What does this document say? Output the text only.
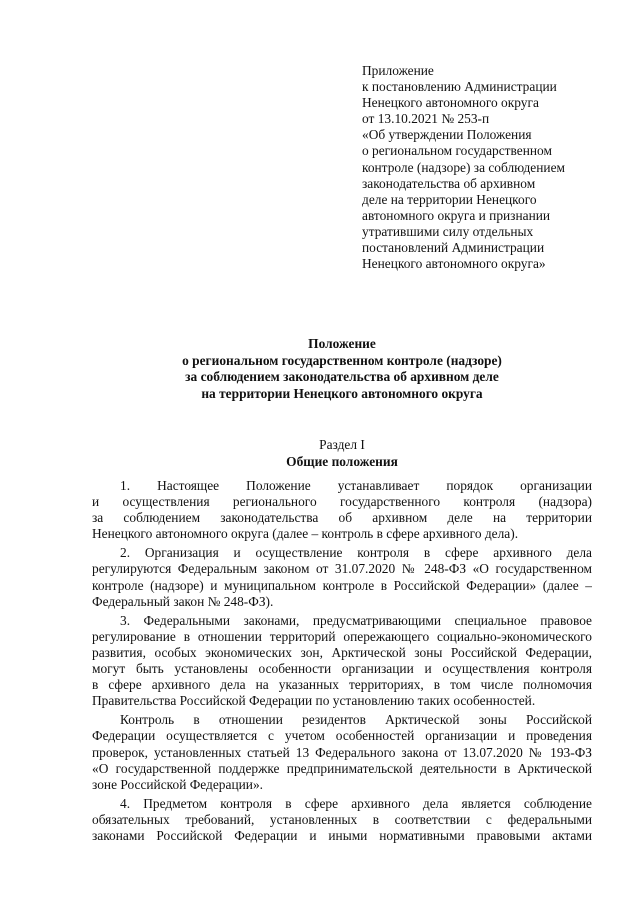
Приложение
к постановлению Администрации
Ненецкого автономного округа
от 13.10.2021 № 253-п
«Об утверждении Положения
о региональном государственном
контроле (надзоре) за соблюдением
законодательства об архивном
деле на территории Ненецкого
автономного округа и признании
утратившими силу отдельных
постановлений Администрации
Ненецкого автономного округа»
Положение
о региональном государственном контроле (надзоре)
за соблюдением законодательства об архивном деле
на территории Ненецкого автономного округа
Раздел I
Общие положения
1. Настоящее Положение устанавливает порядок организации
и осуществления регионального государственного контроля (надзора)
за соблюдением законодательства об архивном деле на территории
Ненецкого автономного округа (далее – контроль в сфере архивного дела).
2. Организация и осуществление контроля в сфере архивного дела
регулируются Федеральным законом от 31.07.2020 № 248-ФЗ «О государственном
контроле (надзоре) и муниципальном контроле в Российской Федерации» (далее –
Федеральный закон № 248-ФЗ).
3. Федеральными законами, предусматривающими специальное правовое
регулирование в отношении территорий опережающего социально-экономического
развития, особых экономических зон, Арктической зоны Российской Федерации,
могут быть установлены особенности организации и осуществления контроля
в сфере архивного дела на указанных территориях, в том числе полномочия
Правительства Российской Федерации по установлению таких особенностей.
Контроль в отношении резидентов Арктической зоны Российской
Федерации осуществляется с учетом особенностей организации и проведения
проверок, установленных статьей 13 Федерального закона от 13.07.2020 № 193-ФЗ
«О государственной поддержке предпринимательской деятельности в Арктической
зоне Российской Федерации».
4. Предметом контроля в сфере архивного дела является соблюдение
обязательных требований, установленных в соответствии с федеральными
законами Российской Федерации и иными нормативными правовыми актами
